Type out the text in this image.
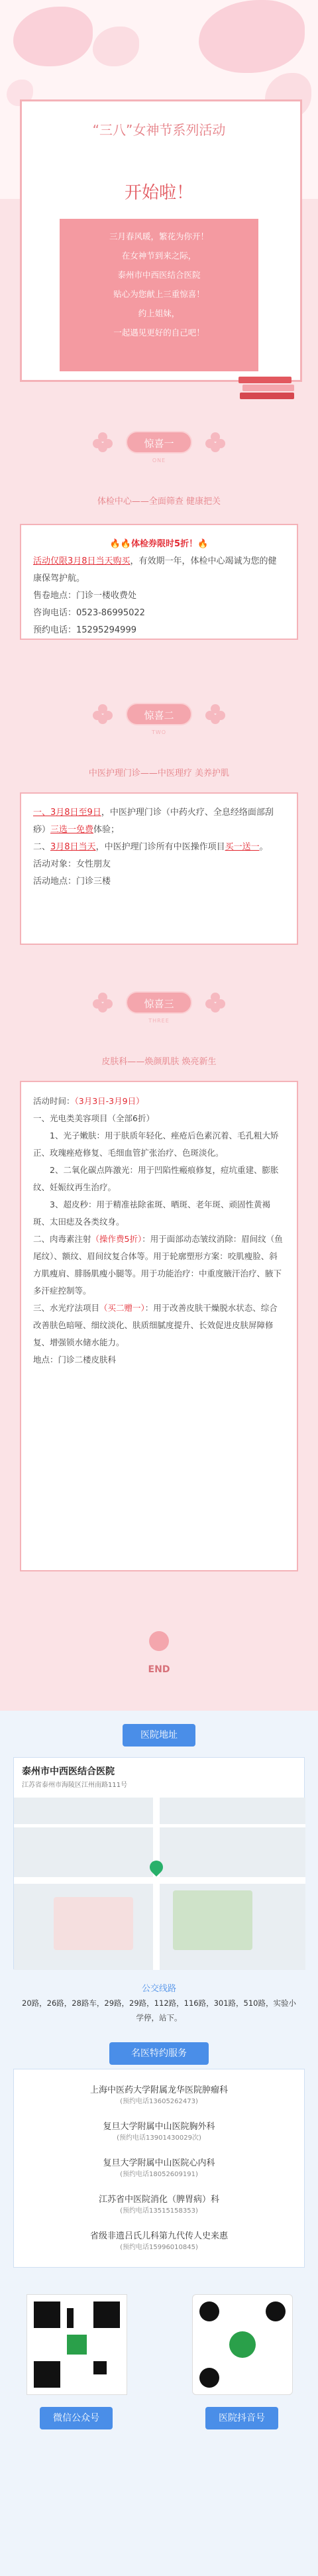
“三八”女神节系列活动
开始啦！
三月春风暖，繁花为你开！
在女神节到来之际，
泰州市中西医结合医院
贴心为您献上三重惊喜！
约上姐妹，
一起遇见更好的自己吧！
惊喜一
ONE
体检中心——全面筛查 健康把关
🔥🔥体检券限时5折！🔥
活动仅限3月8日当天购买，有效期一年，体检中心竭诚为您的健康保驾护航。
售卷地点：门诊一楼收费处
咨询电话：0523-86995022
预约电话：15295294999
惊喜二
TWO
中医护理门诊——中医理疗 美养护肌
一、3月8日至9日，中医护理门诊（中药火疗、全息经络面部刮痧）三选一免费体验；
二、3月8日当天，中医护理门诊所有中医操作项目买一送一。
活动对象：女性朋友
活动地点：门诊三楼
惊喜三
THREE
皮肤科——焕颜肌肤 焕亮新生
活动时间：（3月3日-3月9日）
一、光电类美容项目（全部6折）
1、光子嫩肤：用于肤质年轻化、痤疮后色素沉着、毛孔粗大矫正、玫瑰痤疮修复、毛细血管扩张治疗、色斑淡化。
2、二氧化碳点阵激光：用于凹陷性瘢痕修复，痘坑重建、膨胀纹、妊娠纹再生治疗。
3、超皮秒：用于精准祛除雀斑、晒斑、老年斑、顽固性黄褐斑、太田痣及各类纹身。
二、肉毒素注射（操作费5折）：用于面部动态皱纹消除：眉间纹（鱼尾纹）、额纹、眉间纹复合体等。用于轮廓塑形方案：咬肌瘦脸、斜方肌瘦肩、腓肠肌瘦小腿等。用于功能治疗：中重度腋汗治疗、腋下多汗症控制等。
三、水光疗法项目（买二赠一）：用于改善皮肤干燥脱水状态、综合改善肤色暗哑、细纹淡化、肤质细腻度提升、长效促进皮肤屏障修复、增强锁水储水能力。
地点：门诊二楼皮肤科
END
医院地址
泰州市中西医结合医院
江苏省泰州市海陵区江州南路111号
公交线路
20路，26路，28路车，29路，29路，112路，116路，301路，510路，实验小学停，站下。
名医特约服务
上海中医药大学附属龙华医院肿瘤科
(预约电话13605262473)
复旦大学附属中山医院胸外科
(预约电话13901430029次)
复旦大学附属中山医院心内科
(预约电话18052609191)
江苏省中医院消化（脾胃病）科
(预约电话13515158353)
省级非遗吕氏儿科第九代传人史来惠
(预约电话15996010845)
微信公众号	医院抖音号
